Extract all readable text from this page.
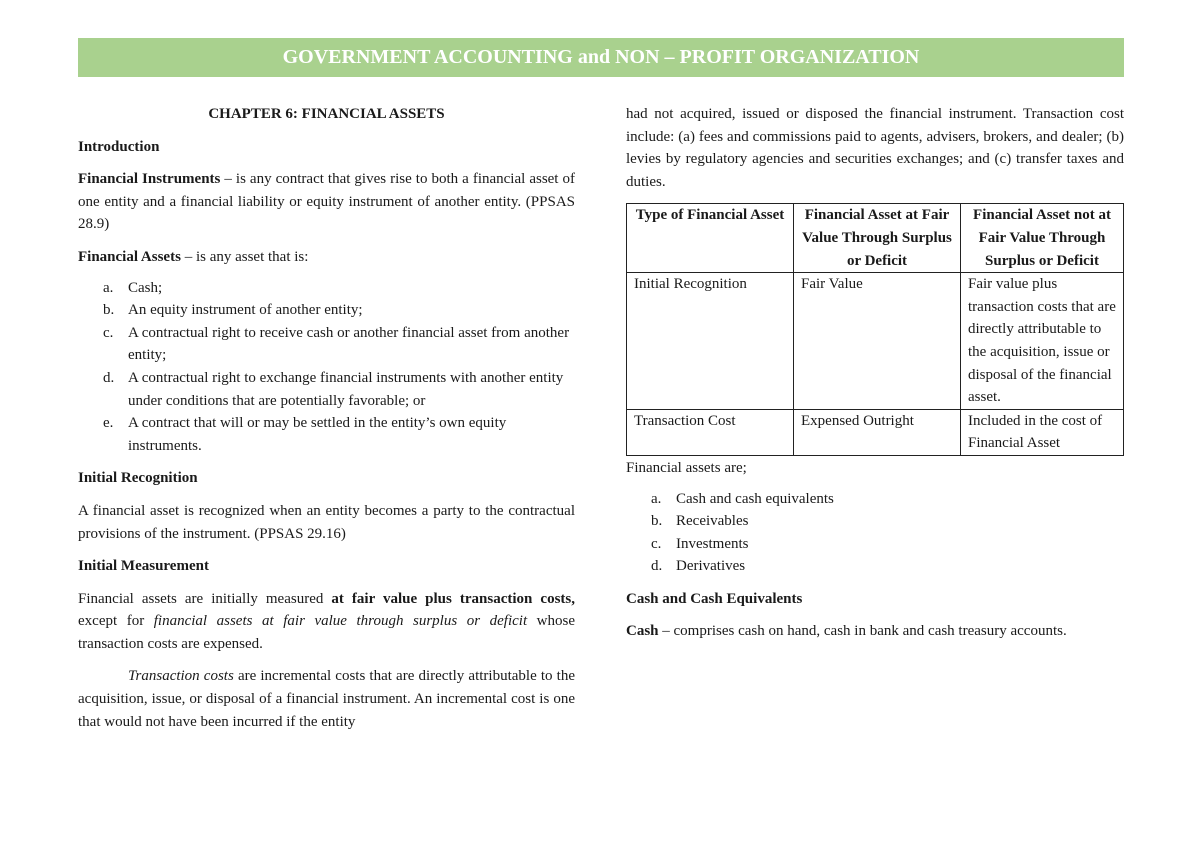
GOVERNMENT ACCOUNTING and NON – PROFIT ORGANIZATION

CHAPTER 6: FINANCIAL ASSETS

Introduction

Financial Instruments – is any contract that gives rise to both a financial asset of one entity and a financial liability or equity instrument of another entity. (PPSAS 28.9)

Financial Assets – is any asset that is:

a. Cash;
b. An equity instrument of another entity;
c. A contractual right to receive cash or another financial asset from another entity;
d. A contractual right to exchange financial instruments with another entity under conditions that are potentially favorable; or
e. A contract that will or may be settled in the entity’s own equity instruments.

Initial Recognition

A financial asset is recognized when an entity becomes a party to the contractual provisions of the instrument. (PPSAS 29.16)

Initial Measurement

Financial assets are initially measured at fair value plus transaction costs, except for financial assets at fair value through surplus or deficit whose transaction costs are expensed.

Transaction costs are incremental costs that are directly attributable to the acquisition, issue, or disposal of a financial instrument. An incremental cost is one that would not have been incurred if the entity

had not acquired, issued or disposed the financial instrument. Transaction cost include: (a) fees and commissions paid to agents, advisers, brokers, and dealer; (b) levies by regulatory agencies and securities exchanges; and (c) transfer taxes and duties.

Type of Financial Asset	Financial Asset at Fair Value Through Surplus or Deficit	Financial Asset not at Fair Value Through Surplus or Deficit
Initial Recognition	Fair Value	Fair value plus transaction costs that are directly attributable to the acquisition, issue or disposal of the financial asset.
Transaction Cost	Expensed Outright	Included in the cost of Financial Asset

Financial assets are;

a. Cash and cash equivalents
b. Receivables
c. Investments
d. Derivatives

Cash and Cash Equivalents

Cash – comprises cash on hand, cash in bank and cash treasury accounts.
